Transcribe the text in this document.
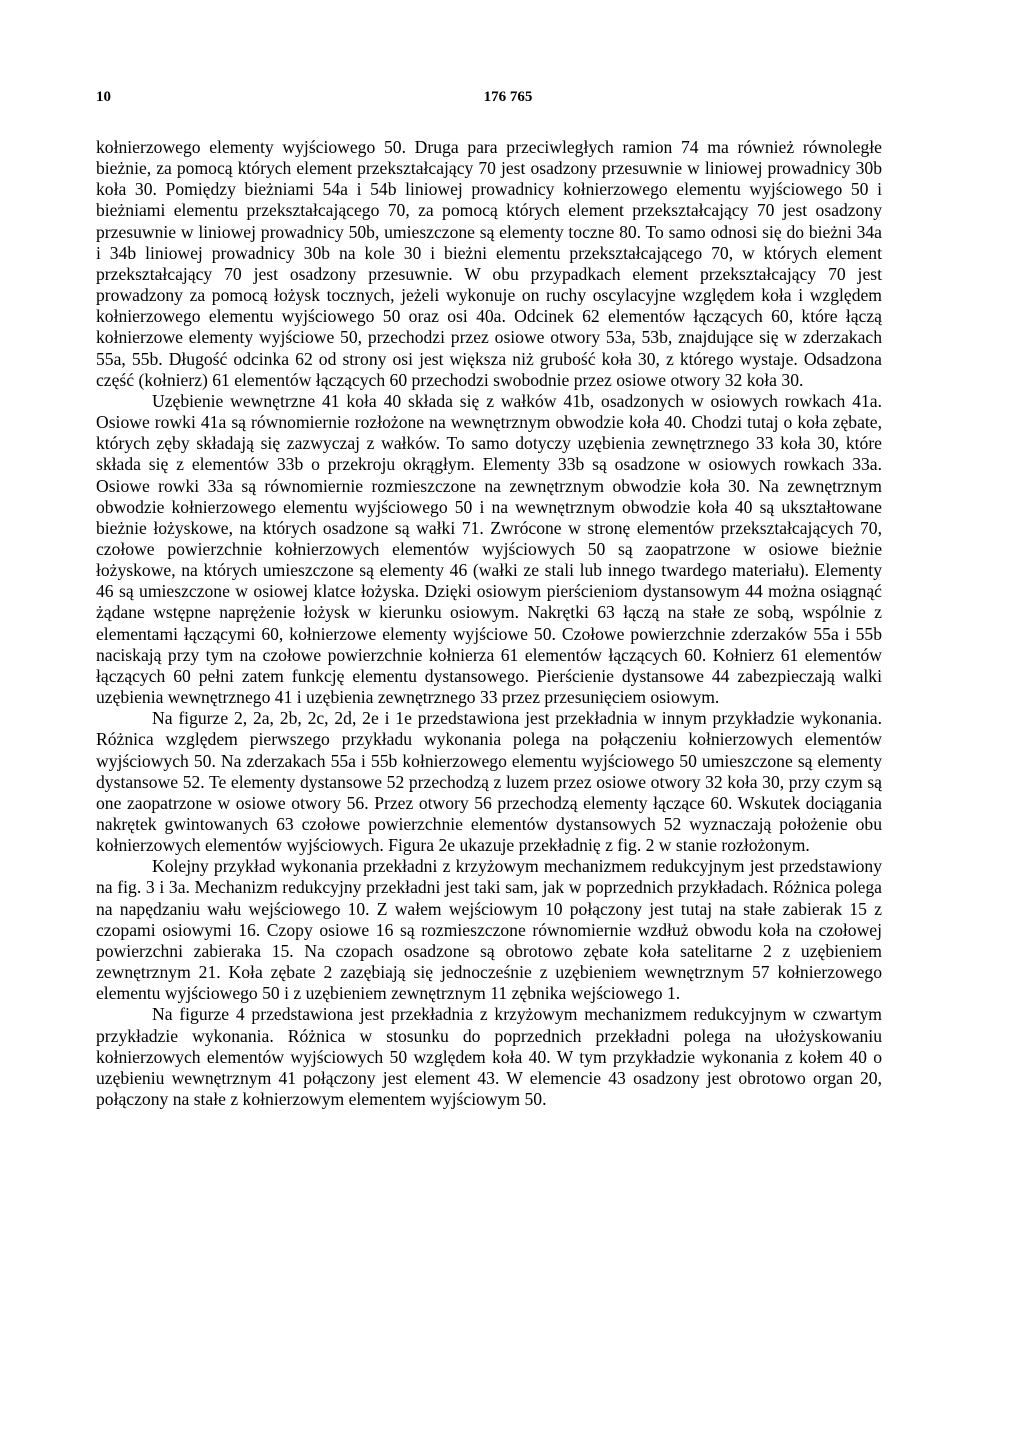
10	176 765

kołnierzowego elementy wyjściowego 50. Druga para przeciwległych ramion 74 ma również równoległe bieżnie, za pomocą których element przekształcający 70 jest osadzony przesuwnie w liniowej prowadnicy 30b koła 30. Pomiędzy bieżniami 54a i 54b liniowej prowadnicy kołnierzowego elementu wyjściowego 50 i bieżniami elementu przekształcającego 70, za pomocą których element przekształcający 70 jest osadzony przesuwnie w liniowej prowadnicy 50b, umieszczone są elementy toczne 80. To samo odnosi się do bieżni 34a i 34b liniowej prowadnicy 30b na kole 30 i bieżni elementu przekształcającego 70, w których element przekształcający 70 jest osadzony przesuwnie. W obu przypadkach element przekształcający 70 jest prowadzony za pomocą łożysk tocznych, jeżeli wykonuje on ruchy oscylacyjne względem koła i względem kołnierzowego elementu wyjściowego 50 oraz osi 40a. Odcinek 62 elementów łączących 60, które łączą kołnierzowe elementy wyjściowe 50, przechodzi przez osiowe otwory 53a, 53b, znajdujące się w zderzakach 55a, 55b. Długość odcinka 62 od strony osi jest większa niż grubość koła 30, z którego wystaje. Odsadzona część (kołnierz) 61 elementów łączących 60 przechodzi swobodnie przez osiowe otwory 32 koła 30.

Uzębienie wewnętrzne 41 koła 40 składa się z wałków 41b, osadzonych w osiowych rowkach 41a. Osiowe rowki 41a są równomiernie rozłożone na wewnętrznym obwodzie koła 40. Chodzi tutaj o koła zębate, których zęby składają się zazwyczaj z wałków. To samo dotyczy uzębienia zewnętrznego 33 koła 30, które składa się z elementów 33b o przekroju okrągłym. Elementy 33b są osadzone w osiowych rowkach 33a. Osiowe rowki 33a są równomiernie rozmieszczone na zewnętrznym obwodzie koła 30. Na zewnętrznym obwodzie kołnierzowego elementu wyjściowego 50 i na wewnętrznym obwodzie koła 40 są ukształtowane bieżnie łożyskowe, na których osadzone są wałki 71. Zwrócone w stronę elementów przekształcających 70, czołowe powierzchnie kołnierzowych elementów wyjściowych 50 są zaopatrzone w osiowe bieżnie łożyskowe, na których umieszczone są elementy 46 (wałki ze stali lub innego twardego materiału). Elementy 46 są umieszczone w osiowej klatce łożyska. Dzięki osiowym pierścieniom dystansowym 44 można osiągnąć żądane wstępne naprężenie łożysk w kierunku osiowym. Nakrętki 63 łączą na stałe ze sobą, wspólnie z elementami łączącymi 60, kołnierzowe elementy wyjściowe 50. Czołowe powierzchnie zderzaków 55a i 55b naciskają przy tym na czołowe powierzchnie kołnierza 61 elementów łączących 60. Kołnierz 61 elementów łączących 60 pełni zatem funkcję elementu dystansowego. Pierścienie dystansowe 44 zabezpieczają walki uzębienia wewnętrznego 41 i uzębienia zewnętrznego 33 przez przesunięciem osiowym.

Na figurze 2, 2a, 2b, 2c, 2d, 2e i 1e przedstawiona jest przekładnia w innym przykładzie wykonania. Różnica względem pierwszego przykładu wykonania polega na połączeniu kołnierzowych elementów wyjściowych 50. Na zderzakach 55a i 55b kołnierzowego elementu wyjściowego 50 umieszczone są elementy dystansowe 52. Te elementy dystansowe 52 przechodzą z luzem przez osiowe otwory 32 koła 30, przy czym są one zaopatrzone w osiowe otwory 56. Przez otwory 56 przechodzą elementy łączące 60. Wskutek dociągania nakrętek gwintowanych 63 czołowe powierzchnie elementów dystansowych 52 wyznaczają położenie obu kołnierzowych elementów wyjściowych. Figura 2e ukazuje przekładnię z fig. 2 w stanie rozłożonym.

Kolejny przykład wykonania przekładni z krzyżowym mechanizmem redukcyjnym jest przedstawiony na fig. 3 i 3a. Mechanizm redukcyjny przekładni jest taki sam, jak w poprzednich przykładach. Różnica polega na napędzaniu wału wejściowego 10. Z wałem wejściowym 10 połączony jest tutaj na stałe zabierak 15 z czopami osiowymi 16. Czopy osiowe 16 są rozmieszczone równomiernie wzdłuż obwodu koła na czołowej powierzchni zabieraka 15. Na czopach osadzone są obrotowo zębate koła satelitarne 2 z uzębieniem zewnętrznym 21. Koła zębate 2 zazębiają się jednocześnie z uzębieniem wewnętrznym 57 kołnierzowego elementu wyjściowego 50 i z uzębieniem zewnętrznym 11 zębnika wejściowego 1.

Na figurze 4 przedstawiona jest przekładnia z krzyżowym mechanizmem redukcyjnym w czwartym przykładzie wykonania. Różnica w stosunku do poprzednich przekładni polega na ułożyskowaniu kołnierzowych elementów wyjściowych 50 względem koła 40. W tym przykładzie wykonania z kołem 40 o uzębieniu wewnętrznym 41 połączony jest element 43. W elemencie 43 osadzony jest obrotowo organ 20, połączony na stałe z kołnierzowym elementem wyjściowym 50.
